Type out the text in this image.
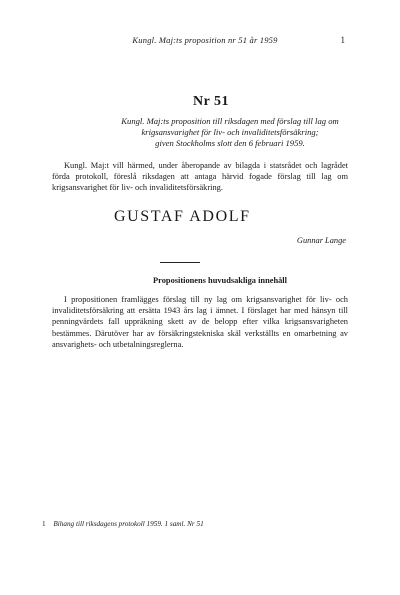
Kungl. Maj:ts proposition nr 51 år 1959	1
Nr 51
Kungl. Maj:ts proposition till riksdagen med förslag till lag om
krigsansvarighet för liv- och invaliditetsförsäkring;
given Stockholms slott den 6 februari 1959.

Kungl. Maj:t vill härmed, under åberopande av bilagda i statsrådet och lagrådet förda protokoll, föreslå riksdagen att antaga härvid fogade förslag till lag om krigsansvarighet för liv- och invaliditetsförsäkring.

GUSTAF ADOLF
Gunnar Lange
Propositionens huvudsakliga innehåll

I propositionen framlägges förslag till ny lag om krigsansvarighet för liv- och invaliditetsförsäkring att ersätta 1943 års lag i ämnet. I förslaget har med hänsyn till penningvärdets fall uppräkning skett av de belopp efter vilka krigsansvarigheten bestämmes. Därutöver har av försäkringstekniska skäl verkställts en omarbetning av ansvarighets- och utbetalningsreglerna.

1 Bihang till riksdagens protokoll 1959. 1 saml. Nr 51
